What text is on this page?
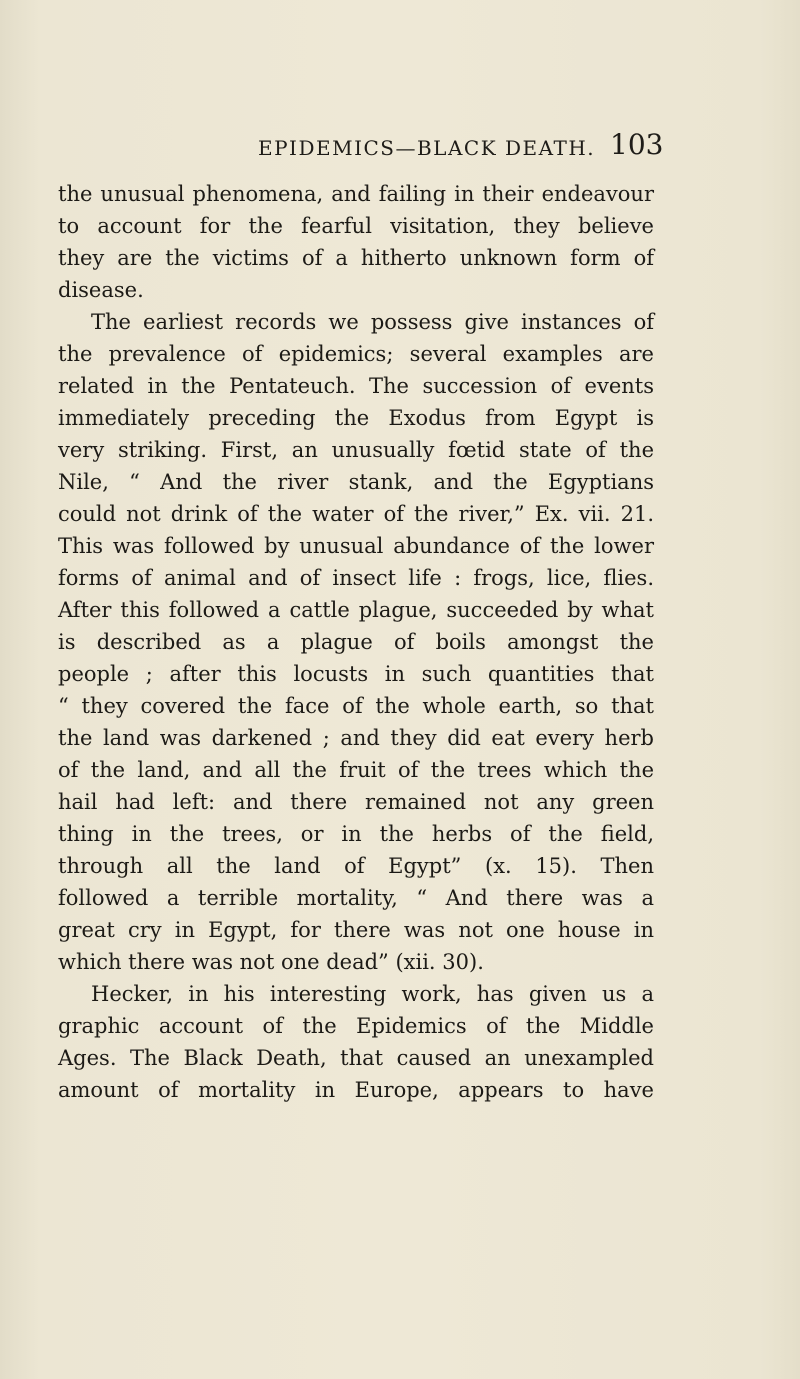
EPIDEMICS—BLACK DEATH. 103
the unusual phenomena, and failing in their endeavour
to account for the fearful visitation, they believe
they are the victims of a hitherto unknown form of
disease.
The earliest records we possess give instances of
the prevalence of epidemics; several examples are
related in the Pentateuch. The succession of events
immediately preceding the Exodus from Egypt is
very striking. First, an unusually fœtid state of the
Nile, “ And the river stank, and the Egyptians
could not drink of the water of the river,” Ex. vii. 21.
This was followed by unusual abundance of the lower
forms of animal and of insect life : frogs, lice, flies.
After this followed a cattle plague, succeeded by what
is described as a plague of boils amongst the
people ; after this locusts in such quantities that
“ they covered the face of the whole earth, so that
the land was darkened ; and they did eat every herb
of the land, and all the fruit of the trees which the
hail had left: and there remained not any green
thing in the trees, or in the herbs of the field,
through all the land of Egypt” (x. 15). Then
followed a terrible mortality, “ And there was a
great cry in Egypt, for there was not one house in
which there was not one dead” (xii. 30).
Hecker, in his interesting work, has given us a
graphic account of the Epidemics of the Middle
Ages. The Black Death, that caused an unexampled
amount of mortality in Europe, appears to have
